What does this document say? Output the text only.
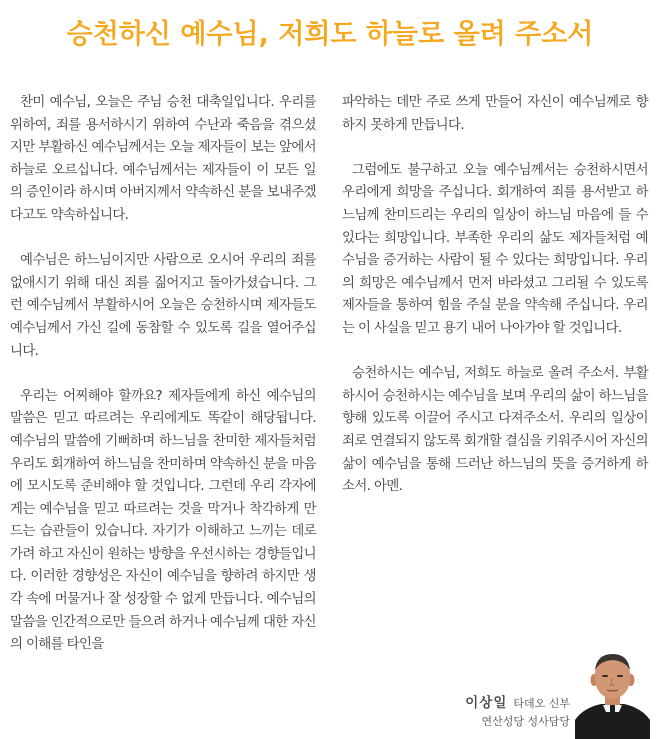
승천하신 예수님, 저희도 하늘로 올려 주소서

찬미 예수님, 오늘은 주님 승천 대축일입니다. 우리를 위하여, 죄를 용서하시기 위하여 수난과 죽음을 겪으셨지만 부활하신 예수님께서는 오늘 제자들이 보는 앞에서 하늘로 오르십니다. 예수님께서는 제자들이 이 모든 일의 증인이라 하시며 아버지께서 약속하신 분을 보내주겠다고도 약속하십니다.

예수님은 하느님이지만 사람으로 오시어 우리의 죄를 없애시기 위해 대신 죄를 짊어지고 돌아가셨습니다. 그런 예수님께서 부활하시어 오늘은 승천하시며 제자들도 예수님께서 가신 길에 동참할 수 있도록 길을 열어주십니다.

우리는 어찌해야 할까요? 제자들에게 하신 예수님의 말씀은 믿고 따르려는 우리에게도 똑같이 해당됩니다. 예수님의 말씀에 기뻐하며 하느님을 찬미한 제자들처럼 우리도 회개하여 하느님을 찬미하며 약속하신 분을 마음에 모시도록 준비해야 할 것입니다. 그런데 우리 각자에게는 예수님을 믿고 따르려는 것을 막거나 착각하게 만드는 습관들이 있습니다. 자기가 이해하고 느끼는 데로 가려 하고 자신이 원하는 방향을 우선시하는 경향들입니다. 이러한 경향성은 자신이 예수님을 향하려 하지만 생각 속에 머물거나 잘 성장할 수 없게 만듭니다. 예수님의 말씀을 인간적으로만 들으려 하거나 예수님께 대한 자신의 이해를 타인을

파악하는 데만 주로 쓰게 만들어 자신이 예수님께로 향하지 못하게 만듭니다.

그럼에도 불구하고 오늘 예수님께서는 승천하시면서 우리에게 희망을 주십니다. 회개하여 죄를 용서받고 하느님께 찬미드리는 우리의 일상이 하느님 마음에 들 수 있다는 희망입니다. 부족한 우리의 삶도 제자들처럼 예수님을 증거하는 사람이 될 수 있다는 희망입니다. 우리의 희망은 예수님께서 먼저 바라셨고 그리될 수 있도록 제자들을 통하여 힘을 주실 분을 약속해 주십니다. 우리는 이 사실을 믿고 용기 내어 나아가야 할 것입니다.

승천하시는 예수님, 저희도 하늘로 올려 주소서. 부활하시어 승천하시는 예수님을 보며 우리의 삶이 하느님을 향해 있도록 이끌어 주시고 다져주소서. 우리의 일상이 죄로 연결되지 않도록 회개할 결심을 키워주시어 자신의 삶이 예수님을 통해 드러난 하느님의 뜻을 증거하게 하소서. 아멘.

이상일 타데오 신부
연산성당 성사담당
